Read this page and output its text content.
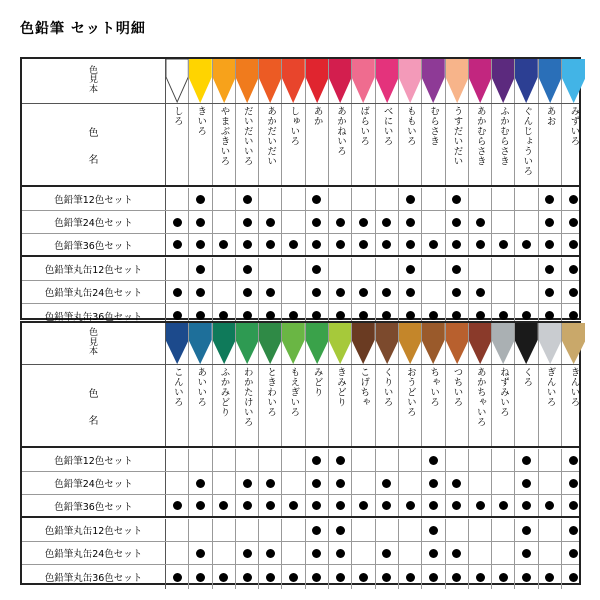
色鉛筆 セット明細
色
見
本
色
名
しろ きいろ やまぶきいろ だいだいいろ あかだいだい しゅいろ あか あかねいろ ばらいろ べにいろ ももいろ むらさき うすだいだい あかむらさき ふかむらさき ぐんじょういろ あお みずいろ
色鉛筆12色セット
色鉛筆24色セット
色鉛筆36色セット
色鉛筆丸缶12色セット
色鉛筆丸缶24色セット
色鉛筆丸缶36色セット
色
見
本
色
名
こんいろ あいいろ ふかみどり わかたけいろ ときわいろ もえぎいろ みどり きみどり こげちゃ くりいろ おうどいろ ちゃいろ つちいろ あかちゃいろ ねずみいろ くろ ぎんいろ きんいろ
色鉛筆12色セット
色鉛筆24色セット
色鉛筆36色セット
色鉛筆丸缶12色セット
色鉛筆丸缶24色セット
色鉛筆丸缶36色セット
